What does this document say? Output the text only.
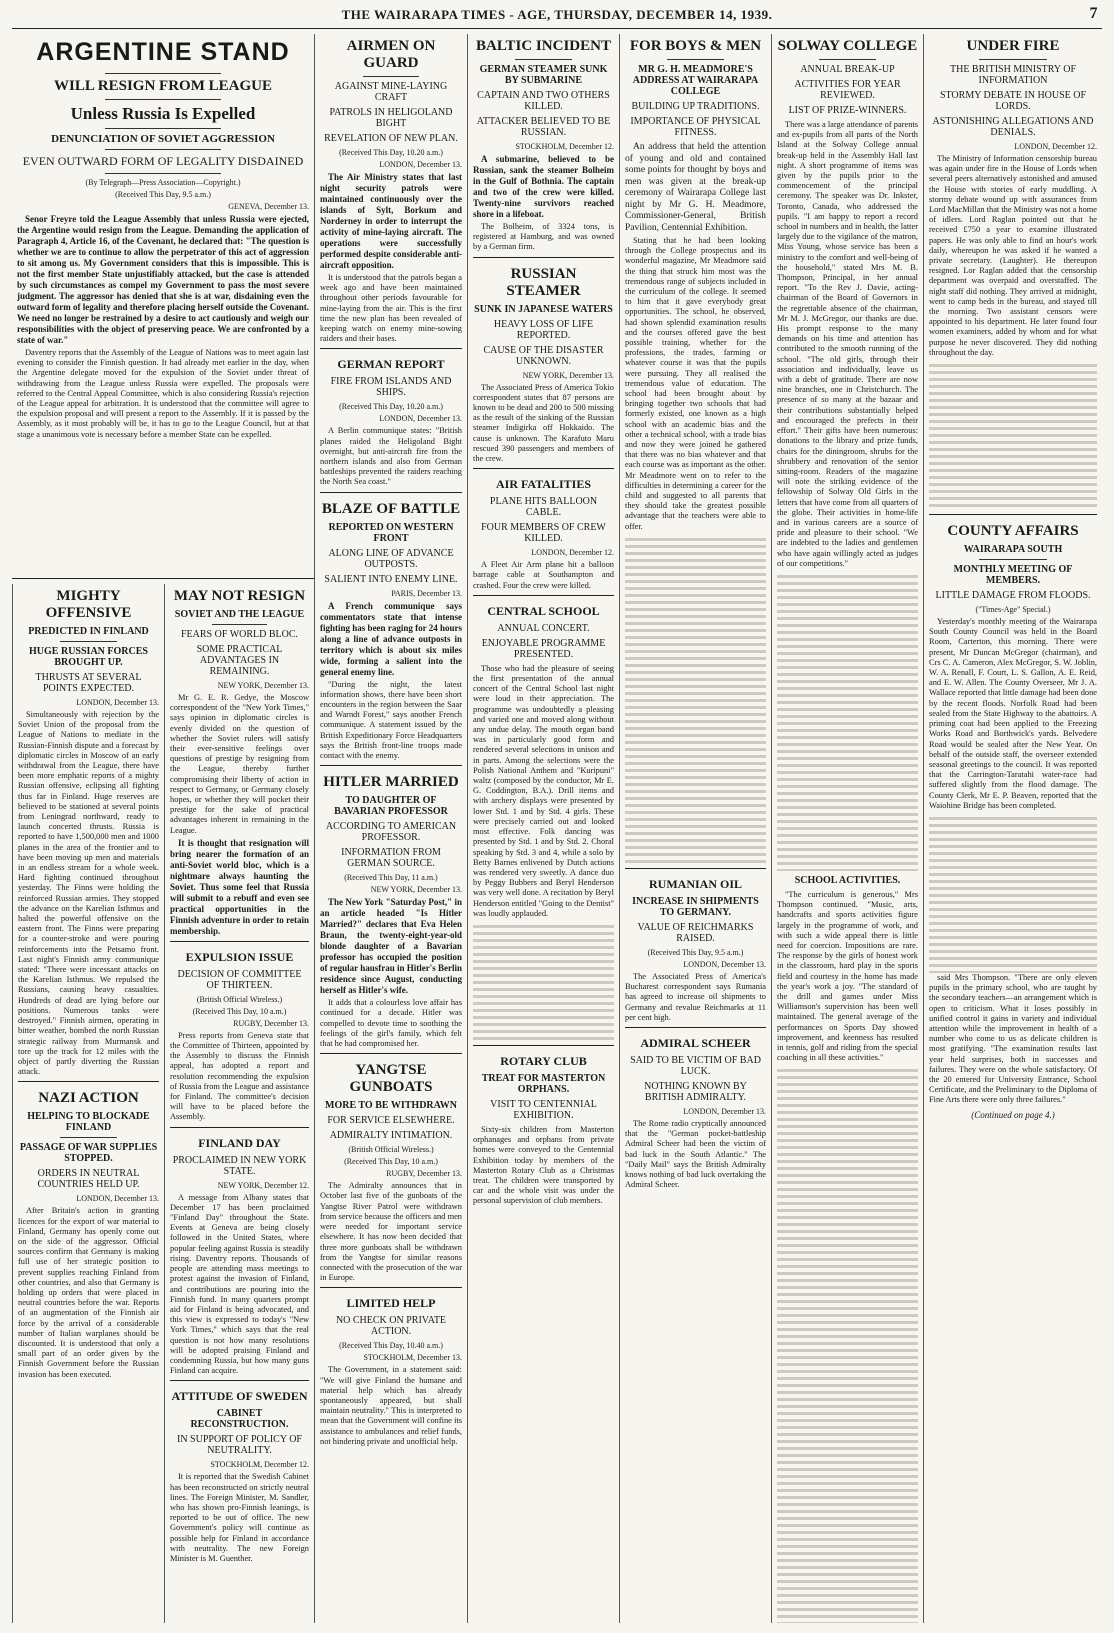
THE WAIRARAPA TIMES - AGE, THURSDAY, DECEMBER 14, 1939.	7
ARGENTINE STAND
WILL RESIGN FROM LEAGUE
Unless Russia Is Expelled
DENUNCIATION OF SOVIET AGGRESSION
EVEN OUTWARD FORM OF LEGALITY DISDAINED
(By Telegraph—Press Association—Copyright.)
(Received This Day, 9.5 a.m.)
GENEVA, December 13.

Senor Freyre told the League Assembly that unless Russia were ejected, the Argentine would resign from the League. Demanding the application of Paragraph 4, Article 16, of the Covenant, he declared that: "The question is whether we are to continue to allow the perpetrator of this act of aggression to sit among us. My Government considers that this is impossible. This is not the first member State unjustifiably attacked, but the case is attended by such circumstances as compel my Government to pass the most severe judgment. The aggressor has denied that she is at war, disdaining even the outward form of legality and therefore placing herself outside the Covenant. We need no longer be restrained by a desire to act cautiously and weigh our responsibilities with the object of preserving peace. We are confronted by a state of war."

Daventry reports that the Assembly of the League of Nations was to meet again last evening to consider the Finnish question. It had already met earlier in the day, when the Argentine delegate moved for the expulsion of the Soviet under threat of withdrawing from the League unless Russia were expelled. The proposals were referred to the Central Appeal Committee, which is also considering Russia's rejection of the League appeal for arbitration. It is understood that the committee will agree to the expulsion proposal and will present a report to the Assembly. If it is passed by the Assembly, as it most probably will be, it has to go to the League Council, but at that stage a unanimous vote is necessary before a member State can be expelled.

MIGHTY OFFENSIVE
PREDICTED IN FINLAND
HUGE RUSSIAN FORCES BROUGHT UP.
THRUSTS AT SEVERAL POINTS EXPECTED.
LONDON, December 13.

Simultaneously with rejection by the Soviet Union of the proposal from the League of Nations to mediate in the Russian-Finnish dispute and a forecast by diplomatic circles in Moscow of an early withdrawal from the League, there have been more emphatic reports of a mighty Russian offensive, eclipsing all fighting thus far in Finland. Huge reserves are believed to be stationed at several points from Leningrad northward, ready to launch concerted thrusts. Russia is reported to have 1,500,000 men and 1000 planes in the area of the frontier and to have been moving up men and materials in an endless stream for a whole week. Hard fighting continued throughout yesterday. The Finns were holding the reinforced Russian armies. They stopped the advance on the Karelian Isthmus and halted the powerful offensive on the eastern front. The Finns were preparing for a counter-stroke and were pouring reinforcements into the Petsamo front. Last night's Finnish army communique stated: "There were incessant attacks on the Karelian Isthmus. We repulsed the Russians, causing heavy casualties. Hundreds of dead are lying before our positions. Numerous tanks were destroyed." Finnish airmen, operating in bitter weather, bombed the north Russian strategic railway from Murmansk and tore up the track for 12 miles with the object of partly diverting the Russian attack.

NAZI ACTION
HELPING TO BLOCKADE FINLAND
PASSAGE OF WAR SUPPLIES STOPPED.
ORDERS IN NEUTRAL COUNTRIES HELD UP.
LONDON, December 13.

After Britain's action in granting licences for the export of war material to Finland, Germany has openly come out on the side of the aggressor. Official sources confirm that Germany is making full use of her strategic position to prevent supplies reaching Finland from other countries, and also that Germany is holding up orders that were placed in neutral countries before the war. Reports of an augmentation of the Finnish air force by the arrival of a considerable number of Italian warplanes should be discounted. It is understood that only a small part of an order given by the Finnish Government before the Russian invasion has been executed.

MAY NOT RESIGN
SOVIET AND THE LEAGUE
FEARS OF WORLD BLOC.
SOME PRACTICAL ADVANTAGES IN REMAINING.
NEW YORK, December 13.

Mr G. E. R. Gedye, the Moscow correspondent of the "New York Times," says opinion in diplomatic circles is evenly divided on the question of whether the Soviet rulers will satisfy their ever-sensitive feelings over questions of prestige by resigning from the League, thereby further compromising their liberty of action in respect to Germany, or Germany closely hopes, or whether they will pocket their prestige for the sake of practical advantages inherent in remaining in the League.

It is thought that resignation will bring nearer the formation of an anti-Soviet world bloc, which is a nightmare always haunting the Soviet. Thus some feel that Russia will submit to a rebuff and even see practical opportunities in the Finnish adventure in order to retain membership.

EXPULSION ISSUE
DECISION OF COMMITTEE OF THIRTEEN.
(British Official Wireless.)
(Received This Day, 10 a.m.)
RUGBY, December 13.

Press reports from Geneva state that the Committee of Thirteen, appointed by the Assembly to discuss the Finnish appeal, has adopted a report and resolution recommending the expulsion of Russia from the League and assistance for Finland. The committee's decision will have to be placed before the Assembly.

FINLAND DAY
PROCLAIMED IN NEW YORK STATE.
NEW YORK, December 12.

A message from Albany states that December 17 has been proclaimed "Finland Day" throughout the State. Events at Geneva are being closely followed in the United States, where popular feeling against Russia is steadily rising. Daventry reports. Thousands of people are attending mass meetings to protest against the invasion of Finland, and contributions are pouring into the Finnish fund. In many quarters prompt aid for Finland is being advocated, and this view is expressed to today's "New York Times," which says that the real question is not how many resolutions will be adopted praising Finland and condemning Russia, but how many guns Finland can acquire.

ATTITUDE OF SWEDEN
CABINET RECONSTRUCTION.
IN SUPPORT OF POLICY OF NEUTRALITY.
STOCKHOLM, December 12.

It is reported that the Swedish Cabinet has been reconstructed on strictly neutral lines. The Foreign Minister, M. Sandler, who has shown pro-Finnish leanings, is reported to be out of office. The new Government's policy will continue as possible help for Finland in accordance with neutrality. The new Foreign Minister is M. Guenther.

AIRMEN ON GUARD
AGAINST MINE-LAYING CRAFT
PATROLS IN HELIGOLAND BIGHT
REVELATION OF NEW PLAN.
(Received This Day, 10.20 a.m.)
LONDON, December 13.

The Air Ministry states that last night security patrols were maintained continuously over the islands of Sylt, Borkum and Norderney in order to interrupt the activity of mine-laying aircraft. The operations were successfully performed despite considerable anti-aircraft opposition.

It is understood that the patrols began a week ago and have been maintained throughout other periods favourable for mine-laying from the air. This is the first time the new plan has been revealed of keeping watch on enemy mine-sowing raiders and their bases.

GERMAN REPORT
FIRE FROM ISLANDS AND SHIPS.
(Received This Day, 10.20 a.m.)
LONDON, December 13.

A Berlin communique states: "British planes raided the Heligoland Bight overnight, but anti-aircraft fire from the northern islands and also from German battleships prevented the raiders reaching the North Sea coast."

BLAZE OF BATTLE
REPORTED ON WESTERN FRONT
ALONG LINE OF ADVANCE OUTPOSTS.
SALIENT INTO ENEMY LINE.
PARIS, December 13.

A French communique says commentators state that intense fighting has been raging for 24 hours along a line of advance outposts in territory which is about six miles wide, forming a salient into the general enemy line.

"During the night, the latest information shows, there have been short encounters in the region between the Saar and Warndt Forest," says another French communique. A statement issued by the British Expeditionary Force Headquarters says the British front-line troops made contact with the enemy.

HITLER MARRIED
TO DAUGHTER OF BAVARIAN PROFESSOR
ACCORDING TO AMERICAN PROFESSOR.
INFORMATION FROM GERMAN SOURCE.
(Received This Day, 11 a.m.)
NEW YORK, December 13.

The New York "Saturday Post," in an article headed "Is Hitler Married?" declares that Eva Helen Braun, the twenty-eight-year-old blonde daughter of a Bavarian professor has occupied the position of regular hausfrau in Hitler's Berlin residence since August, conducting herself as Hitler's wife.

It adds that a colourless love affair has continued for a decade. Hitler was compelled to devote time to soothing the feelings of the girl's family, which felt that he had compromised her.

YANGTSE GUNBOATS
MORE TO BE WITHDRAWN
FOR SERVICE ELSEWHERE.
ADMIRALTY INTIMATION.
(British Official Wireless.)
(Received This Day, 10 a.m.)
RUGBY, December 13.

The Admiralty announces that in October last five of the gunboats of the Yangtse River Patrol were withdrawn from service because the officers and men were needed for important service elsewhere. It has now been decided that three more gunboats shall be withdrawn from the Yangtse for similar reasons connected with the prosecution of the war in Europe.

LIMITED HELP
NO CHECK ON PRIVATE ACTION.
(Received This Day, 10.40 a.m.)
STOCKHOLM, December 13.

The Government, in a statement said: "We will give Finland the humane and material help which has already spontaneously appeared, but shall maintain neutrality." This is interpreted to mean that the Government will confine its assistance to ambulances and relief funds, not hindering private and unofficial help.

BALTIC INCIDENT
GERMAN STEAMER SUNK BY SUBMARINE
CAPTAIN AND TWO OTHERS KILLED.
ATTACKER BELIEVED TO BE RUSSIAN.
STOCKHOLM, December 12.

A submarine, believed to be Russian, sank the steamer Bolheim in the Gulf of Bothnia. The captain and two of the crew were killed. Twenty-nine survivors reached shore in a lifeboat.

The Bolheim, of 3324 tons, is registered at Hamburg, and was owned by a German firm.

RUSSIAN STEAMER
SUNK IN JAPANESE WATERS
HEAVY LOSS OF LIFE REPORTED.
CAUSE OF THE DISASTER UNKNOWN.
NEW YORK, December 13.

The Associated Press of America Tokio correspondent states that 87 persons are known to be dead and 200 to 500 missing as the result of the sinking of the Russian steamer Indigirka off Hokkaido. The cause is unknown. The Karafuto Maru rescued 390 passengers and members of the crew.

AIR FATALITIES
PLANE HITS BALLOON CABLE.
FOUR MEMBERS OF CREW KILLED.
LONDON, December 12.

A Fleet Air Arm plane hit a balloon barrage cable at Southampton and crashed. Four the crew were killed.

CENTRAL SCHOOL
ANNUAL CONCERT.
ENJOYABLE PROGRAMME PRESENTED.

Those who had the pleasure of seeing the first presentation of the annual concert of the Central School last night were loud in their appreciation. The programme was undoubtedly a pleasing and varied one and moved along without any undue delay. The mouth organ band was in particularly good form and rendered several selections in unison and in parts. Among the selections were the Polish National Anthem and "Kuripuni" waltz (composed by the conductor, Mr E. G. Coddington, B.A.). Drill items and with archery displays were presented by lower Std. 1 and by Std. 4 girls. These were precisely carried out and looked most effective. Folk dancing was presented by Std. 1 and by Std. 2. Choral speaking by Std. 3 and 4, while a solo by Betty Barnes enlivened by Dutch actions was rendered very sweetly. A dance duo by Peggy Bubbers and Beryl Henderson was very well done. A recitation by Beryl Henderson entitled "Going to the Dentist" was loudly applauded.

ROTARY CLUB
TREAT FOR MASTERTON ORPHANS.
VISIT TO CENTENNIAL EXHIBITION.

Sixty-six children from Masterton orphanages and orphans from private homes were conveyed to the Centennial Exhibition today by members of the Masterton Rotary Club as a Christmas treat. The children were transported by car and the whole visit was under the personal supervision of club members.

FOR BOYS & MEN
MR G. H. MEADMORE'S ADDRESS AT WAIRARAPA COLLEGE
BUILDING UP TRADITIONS.
IMPORTANCE OF PHYSICAL FITNESS.

An address that held the attention of young and old and contained some points for thought by boys and men was given at the break-up ceremony of Wairarapa College last night by Mr G. H. Meadmore, Commissioner-General, British Pavilion, Centennial Exhibition.

Stating that he had been looking through the College prospectus and its wonderful magazine, Mr Meadmore said the thing that struck him most was the tremendous range of subjects included in the curriculum of the college. It seemed to him that it gave everybody great opportunities. The school, he observed, had shown splendid examination results and the courses offered gave the best possible training, whether for the professions, the trades, farming or whatever course it was that the pupils were pursuing. They all realised the tremendous value of education. The school had been brought about by bringing together two schools that had formerly existed, one known as a high school with an academic bias and the other a technical school, with a trade bias and now they were joined he gathered that there was no bias whatever and that each course was as important as the other. Mr Meadmore went on to refer to the difficulties in determining a career for the child and suggested to all parents that they should take the greatest possible advantage that the teachers were able to offer.

RUMANIAN OIL
INCREASE IN SHIPMENTS TO GERMANY.
VALUE OF REICHMARKS RAISED.
(Received This Day, 9.5 a.m.)
LONDON, December 13.

The Associated Press of America's Bucharest correspondent says Rumania has agreed to increase oil shipments to Germany and revalue Reichmarks at 11 per cent high.

ADMIRAL SCHEER
SAID TO BE VICTIM OF BAD LUCK.
NOTHING KNOWN BY BRITISH ADMIRALTY.
LONDON, December 13.

The Rome radio cryptically announced that the "German pocket-battleship Admiral Scheer had been the victim of bad luck in the South Atlantic." The "Daily Mail" says the British Admiralty knows nothing of bad luck overtaking the Admiral Scheer.

SOLWAY COLLEGE
ANNUAL BREAK-UP
ACTIVITIES FOR YEAR REVIEWED.
LIST OF PRIZE-WINNERS.

There was a large attendance of parents and ex-pupils from all parts of the North Island at the Solway College annual break-up held in the Assembly Hall last night. A short programme of items was given by the pupils prior to the commencement of the principal ceremony. The speaker was Dr. Inkster, Toronto, Canada, who addressed the pupils. "I am happy to report a record school in numbers and in health, the latter largely due to the vigilance of the matron, Miss Young, whose service has been a ministry to the comfort and well-being of the household," stated Mrs M. B. Thompson, Principal, in her annual report. "To the Rev J. Davie, acting-chairman of the Board of Governors in the regrettable absence of the chairman, Mr M. J. McGregor, our thanks are due. His prompt response to the many demands on his time and attention has contributed to the smooth running of the school. "The old girls, through their association and individually, leave us with a debt of gratitude. There are now nine branches, one in Christchurch. The presence of so many at the bazaar and their contributions substantially helped and encouraged the prefects in their effort." Their gifts have been numerous: donations to the library and prize funds, chairs for the diningroom, shrubs for the shrubbery and renovation of the senior sitting-room. Readers of the magazine will note the striking evidence of the fellowship of Solway Old Girls in the letters that have come from all quarters of the globe. Their activities in home-life and in various careers are a source of pride and pleasure to their school. "We are indebted to the ladies and gentlemen who have again willingly acted as judges of our competitions."

SCHOOL ACTIVITIES.

"The curriculum is generous," Mrs Thompson continued. "Music, arts, handcrafts and sports activities figure largely in the programme of work, and with such a wide appeal there is little need for coercion. Impositions are rare. The response by the girls of honest work in the classroom, hard play in the sports field and courtesy in the home has made the year's work a joy. "The standard of the drill and games under Miss Williamson's supervision has been well maintained. The general average of the performances on Sports Day showed improvement, and keenness has resulted in tennis, golf and riding from the special coaching in all these activities."

UNDER FIRE
THE BRITISH MINISTRY OF INFORMATION
STORMY DEBATE IN HOUSE OF LORDS.
ASTONISHING ALLEGATIONS AND DENIALS.
LONDON, December 12.

The Ministry of Information censorship bureau was again under fire in the House of Lords when several peers alternatively astonished and amused the House with stories of early muddling. A stormy debate wound up with assurances from Lord MacMillan that the Ministry was not a home of idlers. Lord Raglan pointed out that he received £750 a year to examine illustrated papers. He was only able to find an hour's work daily, whereupon he was asked if he wanted a private secretary. (Laughter). He thereupon resigned. Lor Raglan added that the censorship department was overpaid and overstaffed. The night staff did nothing. They arrived at midnight, went to camp beds in the bureau, and stayed till the morning. Two assistant censors were appointed to his department. He later found four women examiners, added by whom and for what purpose he never discovered. They did nothing throughout the day.

COUNTY AFFAIRS
WAIRARAPA SOUTH
MONTHLY MEETING OF MEMBERS.
LITTLE DAMAGE FROM FLOODS.
("Times-Age" Special.)

Yesterday's monthly meeting of the Wairarapa South County Council was held in the Board Room, Carterton, this morning. There were present, Mr Duncan McGregor (chairman), and Crs C. A. Cameron, Alex McGregor, S. W. Joblin, W. A. Renall, F. Court, L. S. Gallon, A. E. Reid, and E. W. Allen. The County Overseer, Mr J. A. Wallace reported that little damage had been done by the recent floods. Norfolk Road had been sealed from the State Highway to the abattoirs. A priming coat had been applied to the Freezing Works Road and Borthwick's yards. Belvedere Road would be sealed after the New Year. On behalf of the outside staff, the overseer extended seasonal greetings to the council. It was reported that the Carrington-Taratahi water-race had suffered slightly from the flood damage. The County Clerk, Mr E. P. Beaven, reported that the Waiohine Bridge has been completed.

said Mrs Thompson. "There are only eleven pupils in the primary school, who are taught by the secondary teachers—an arrangement which is open to criticism. What it loses possibly in unified control it gains in variety and individual attention while the improvement in health of a number who come to us as delicate children is most gratifying. "The examination results last year held surprises, both in successes and failures. They were on the whole satisfactory. Of the 20 entered for University Entrance, School Certificate, and the Preliminary to the Diploma of Fine Arts there were only three failures."

(Continued on page 4.)
